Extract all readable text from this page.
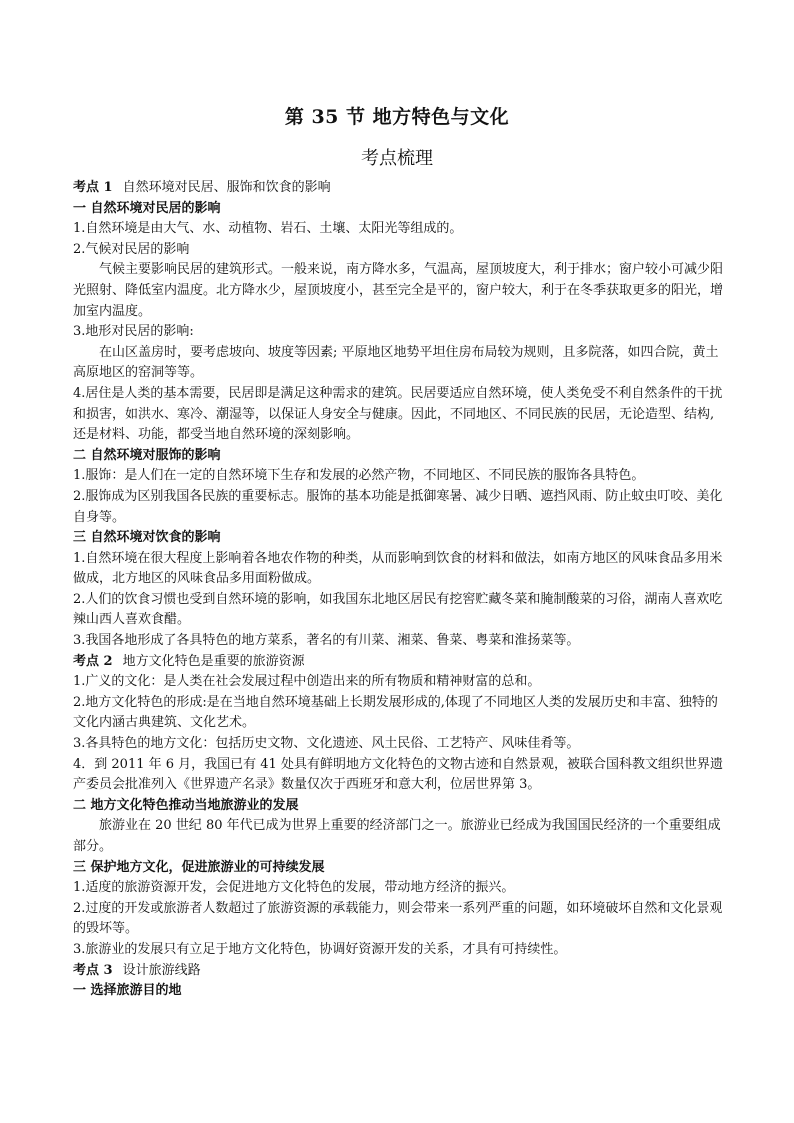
第 35 节 地方特色与文化
考点梳理

考点 1 自然环境对民居、服饰和饮食的影响

一 自然环境对民居的影响

1.自然环境是由大气、水、动植物、岩石、土壤、太阳光等组成的。

2.气候对民居的影响

气候主要影响民居的建筑形式。一般来说，南方降水多，气温高，屋顶坡度大，利于排水；窗户较小可减少阳光照射、降低室内温度。北方降水少，屋顶坡度小，甚至完全是平的，窗户较大，利于在冬季获取更多的阳光，增加室内温度。

3.地形对民居的影响:

在山区盖房时，要考虑坡向、坡度等因素; 平原地区地势平坦住房布局较为规则，且多院落，如四合院，黄土高原地区的窑洞等等。

4.居住是人类的基本需要，民居即是满足这种需求的建筑。民居要适应自然环境，使人类免受不利自然条件的干扰和损害，如洪水、寒冷、潮湿等，以保证人身安全与健康。因此，不同地区、不同民族的民居，无论造型、结构,还是材料、功能，都受当地自然环境的深刻影响。

二 自然环境对服饰的影响

1.服饰：是人们在一定的自然环境下生存和发展的必然产物，不同地区、不同民族的服饰各具特色。

2.服饰成为区别我国各民族的重要标志。服饰的基本功能是抵御寒暑、减少日晒、遮挡风雨、防止蚊虫叮咬、美化自身等。

三 自然环境对饮食的影响

1.自然环境在很大程度上影响着各地农作物的种类，从而影响到饮食的材料和做法，如南方地区的风味食品多用米做成，北方地区的风味食品多用面粉做成。

2.人们的饮食习惯也受到自然环境的影响，如我国东北地区居民有挖窖贮藏冬菜和腌制酸菜的习俗，湖南人喜欢吃辣山西人喜欢食醋。

3.我国各地形成了各具特色的地方菜系，著名的有川菜、湘菜、鲁菜、粤菜和淮扬菜等。

考点 2 地方文化特色是重要的旅游资源

1.广义的文化：是人类在社会发展过程中创造出来的所有物质和精神财富的总和。

2.地方文化特色的形成:是在当地自然环境基础上长期发展形成的,体现了不同地区人类的发展历史和丰富、独特的文化内涵古典建筑、文化艺术。

3.各具特色的地方文化：包括历史文物、文化遗迹、风土民俗、工艺特产、风味佳肴等。

4．到 2011 年 6 月，我国已有 41 处具有鲜明地方文化特色的文物古迹和自然景观，被联合国科教文组织世界遗产委员会批准列入《世界遗产名录》数量仅次于西班牙和意大利，位居世界第 3。

二 地方文化特色推动当地旅游业的发展

旅游业在 20 世纪 80 年代已成为世界上重要的经济部门之一。旅游业已经成为我国国民经济的一个重要组成部分。

三 保护地方文化，促进旅游业的可持续发展

1.适度的旅游资源开发，会促进地方文化特色的发展，带动地方经济的振兴。

2.过度的开发或旅游者人数超过了旅游资源的承载能力，则会带来一系列严重的问题，如环境破坏自然和文化景观的毁坏等。

3.旅游业的发展只有立足于地方文化特色，协调好资源开发的关系，才具有可持续性。

考点 3 设计旅游线路

一 选择旅游目的地
